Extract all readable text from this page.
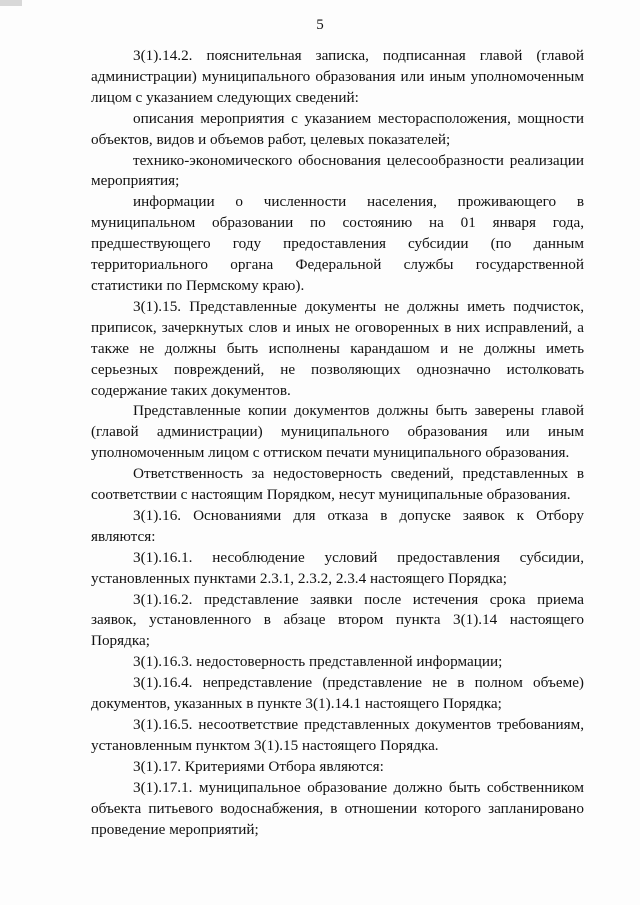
5

3(1).14.2. пояснительная записка, подписанная главой (главой администрации) муниципального образования или иным уполномоченным лицом с указанием следующих сведений:

описания мероприятия с указанием месторасположения, мощности объектов, видов и объемов работ, целевых показателей;

технико-экономического обоснования целесообразности реализации мероприятия;

информации о численности населения, проживающего в муниципальном образовании по состоянию на 01 января года, предшествующего году предоставления субсидии (по данным территориального органа Федеральной службы государственной статистики по Пермскому краю).

3(1).15. Представленные документы не должны иметь подчисток, приписок, зачеркнутых слов и иных не оговоренных в них исправлений, а также не должны быть исполнены карандашом и не должны иметь серьезных повреждений, не позволяющих однозначно истолковать содержание таких документов.

Представленные копии документов должны быть заверены главой (главой администрации) муниципального образования или иным уполномоченным лицом с оттиском печати муниципального образования.

Ответственность за недостоверность сведений, представленных в соответствии с настоящим Порядком, несут муниципальные образования.

3(1).16. Основаниями для отказа в допуске заявок к Отбору являются:

3(1).16.1. несоблюдение условий предоставления субсидии, установленных пунктами 2.3.1, 2.3.2, 2.3.4 настоящего Порядка;

3(1).16.2. представление заявки после истечения срока приема заявок, установленного в абзаце втором пункта 3(1).14 настоящего Порядка;

3(1).16.3. недостоверность представленной информации;

3(1).16.4. непредставление (представление не в полном объеме) документов, указанных в пункте 3(1).14.1 настоящего Порядка;

3(1).16.5. несоответствие представленных документов требованиям, установленным пунктом 3(1).15 настоящего Порядка.

3(1).17. Критериями Отбора являются:

3(1).17.1. муниципальное образование должно быть собственником объекта питьевого водоснабжения, в отношении которого запланировано проведение мероприятий;
